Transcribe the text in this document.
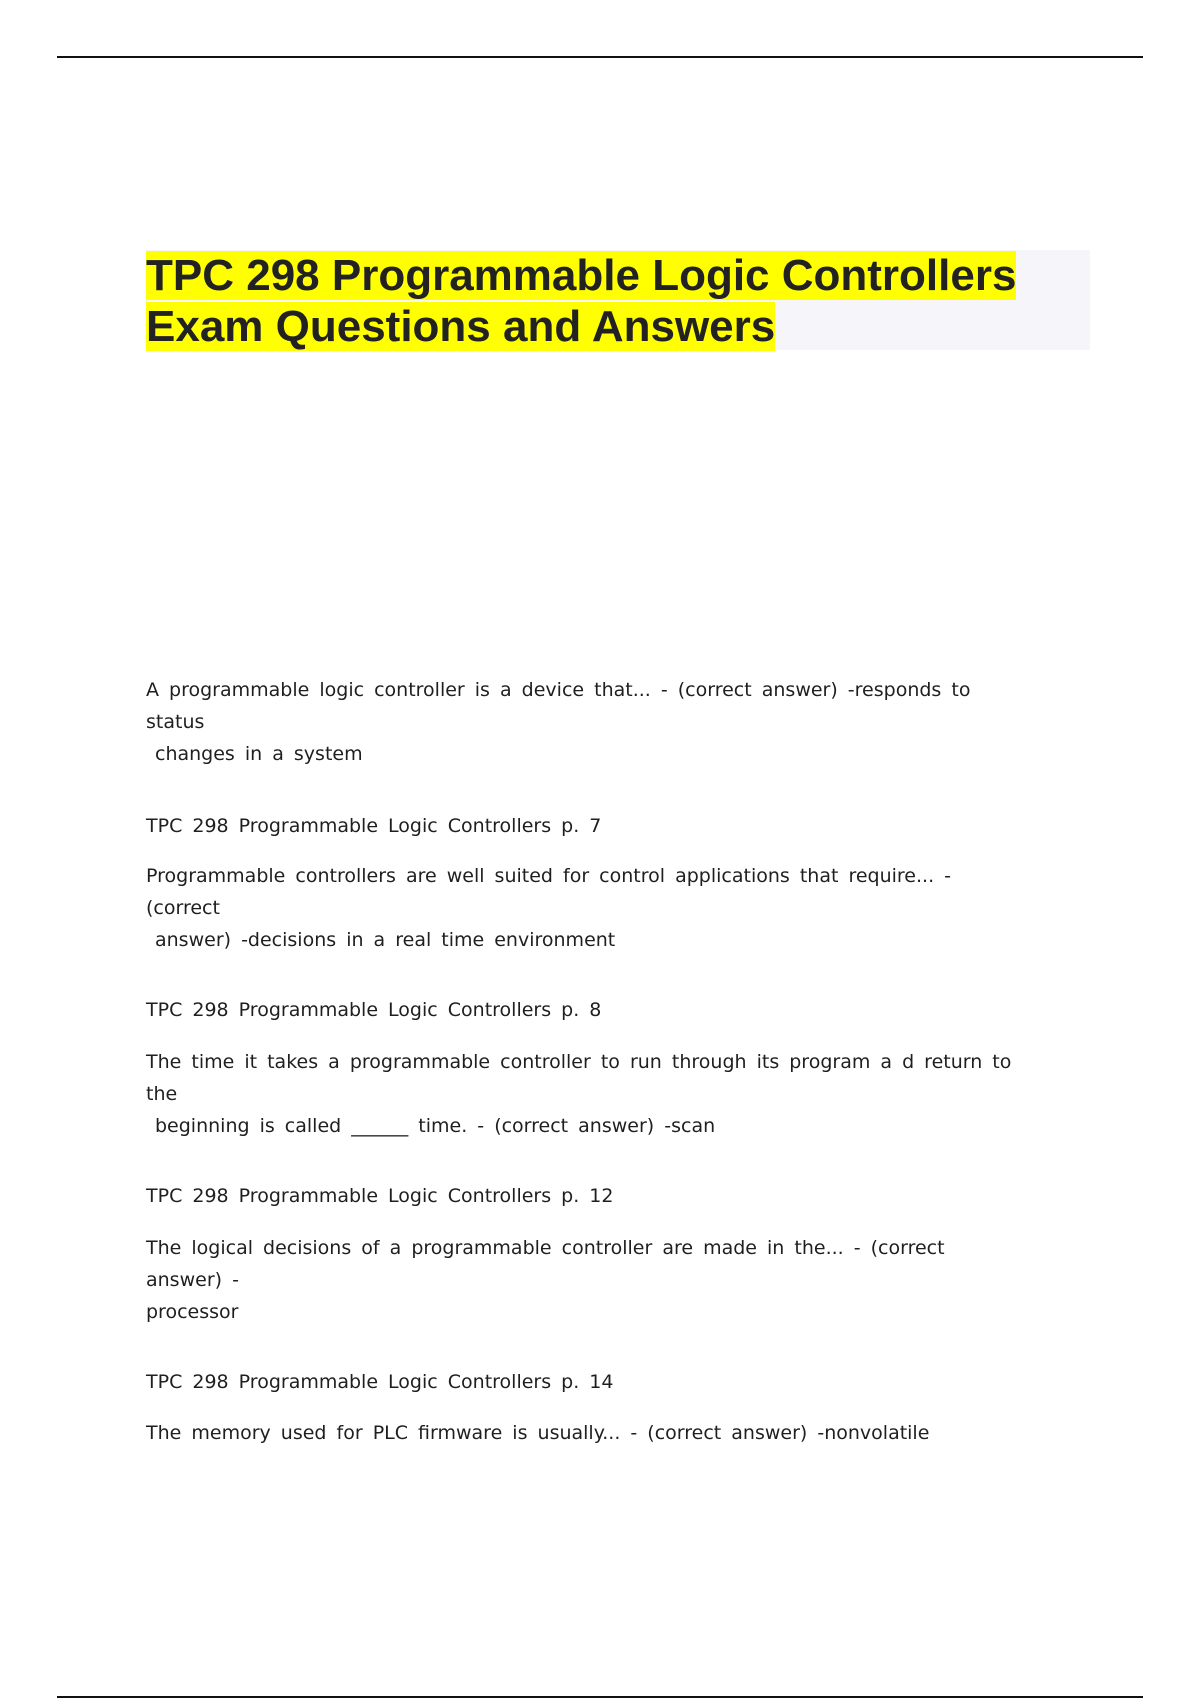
TPC 298 Programmable Logic Controllers
Exam Questions and Answers

A programmable logic controller is a device that... - (correct answer) -responds to status
changes in a system

TPC 298 Programmable Logic Controllers p. 7

Programmable controllers are well suited for control applications that require... - (correct
answer) -decisions in a real time environment

TPC 298 Programmable Logic Controllers p. 8

The time it takes a programmable controller to run through its program a d return to the
beginning is called ______ time. - (correct answer) -scan

TPC 298 Programmable Logic Controllers p. 12

The logical decisions of a programmable controller are made in the... - (correct answer) -
processor

TPC 298 Programmable Logic Controllers p. 14

The memory used for PLC firmware is usually... - (correct answer) -nonvolatile
